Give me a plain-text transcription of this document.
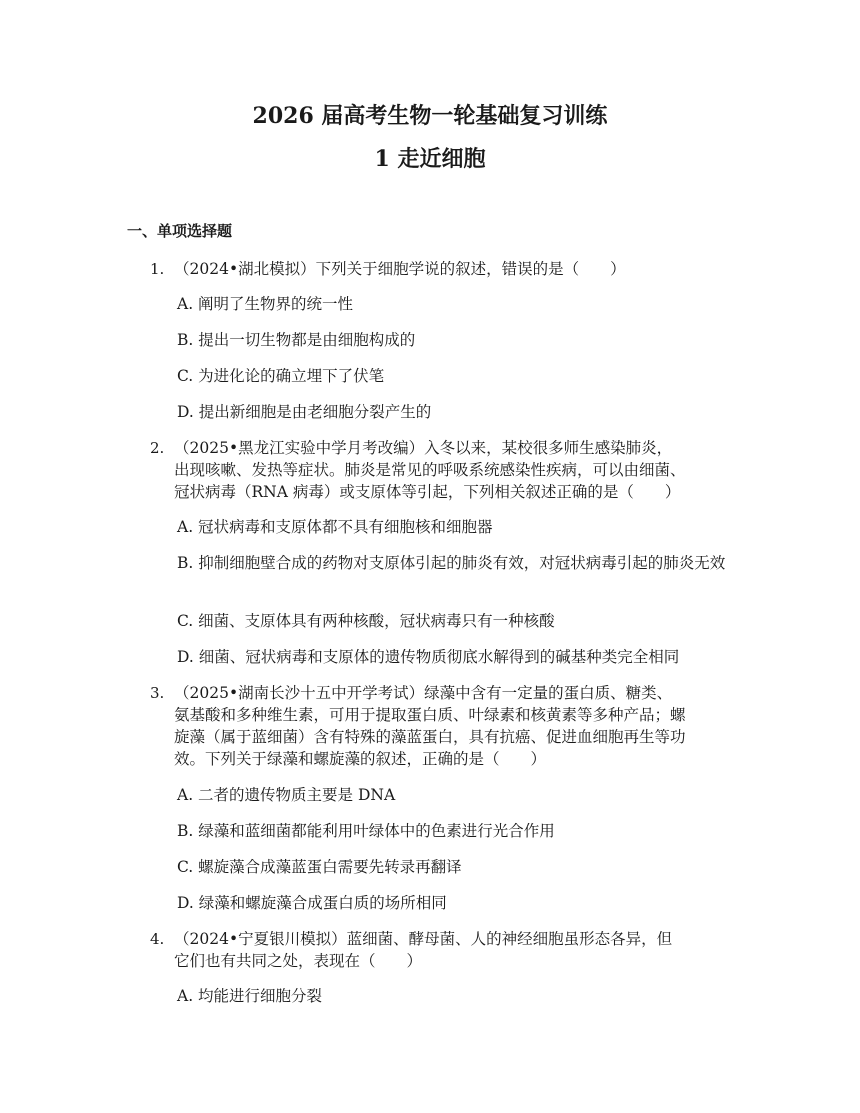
2026 届高考生物一轮基础复习训练
1 走近细胞
一、单项选择题
1. （2024•湖北模拟）下列关于细胞学说的叙述，错误的是（　　）
A. 阐明了生物界的统一性
B. 提出一切生物都是由细胞构成的
C. 为进化论的确立埋下了伏笔
D. 提出新细胞是由老细胞分裂产生的
2. （2025•黑龙江实验中学月考改编）入冬以来，某校很多师生感染肺炎，
出现咳嗽、发热等症状。肺炎是常见的呼吸系统感染性疾病，可以由细菌、
冠状病毒（RNA 病毒）或支原体等引起，下列相关叙述正确的是（　　）
A. 冠状病毒和支原体都不具有细胞核和细胞器
B. 抑制细胞壁合成的药物对支原体引起的肺炎有效，对冠状病毒引起的肺炎无效
C. 细菌、支原体具有两种核酸，冠状病毒只有一种核酸
D. 细菌、冠状病毒和支原体的遗传物质彻底水解得到的碱基种类完全相同
3. （2025•湖南长沙十五中开学考试）绿藻中含有一定量的蛋白质、糖类、
氨基酸和多种维生素，可用于提取蛋白质、叶绿素和核黄素等多种产品；螺
旋藻（属于蓝细菌）含有特殊的藻蓝蛋白，具有抗癌、促进血细胞再生等功
效。下列关于绿藻和螺旋藻的叙述，正确的是（　　）
A. 二者的遗传物质主要是 DNA
B. 绿藻和蓝细菌都能利用叶绿体中的色素进行光合作用
C. 螺旋藻合成藻蓝蛋白需要先转录再翻译
D. 绿藻和螺旋藻合成蛋白质的场所相同
4. （2024•宁夏银川模拟）蓝细菌、酵母菌、人的神经细胞虽形态各异，但
它们也有共同之处，表现在（　　）
A. 均能进行细胞分裂
